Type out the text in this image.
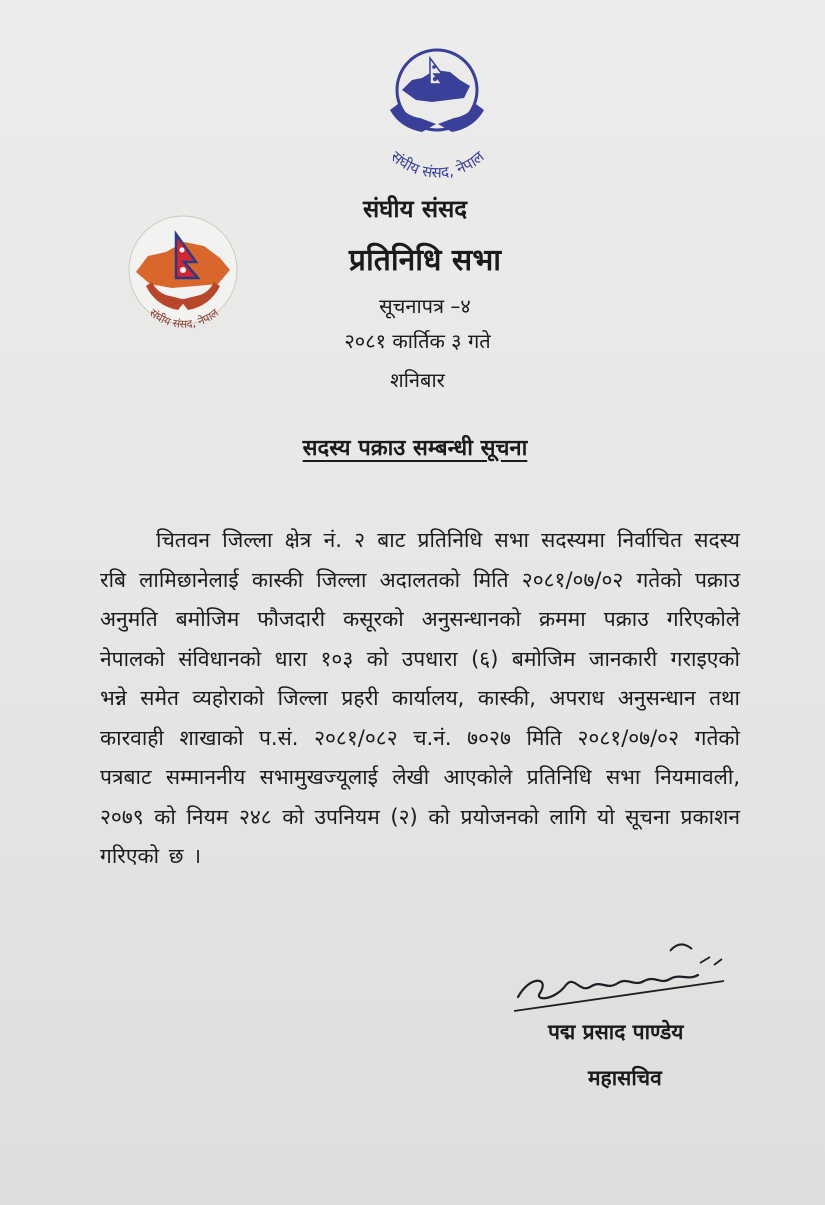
संघीय संसद, नेपाल
संघीय संसद, नेपाल
संघीय संसद
प्रतिनिधि सभा
सूचनापत्र –४
२०८१ कार्तिक ३ गते
शनिबार
सदस्य पक्राउ सम्बन्धी सूचना

चितवन जिल्ला क्षेत्र नं. २ बाट प्रतिनिधि सभा सदस्यमा निर्वाचित सदस्य रबि लामिछानेलाई कास्की जिल्ला अदालतको मिति २०८१/०७/०२ गतेको पक्राउ अनुमति बमोजिम फौजदारी कसूरको अनुसन्धानको क्रममा पक्राउ गरिएकोले नेपालको संविधानको धारा १०३ को उपधारा (६) बमोजिम जानकारी गराइएको भन्ने समेत व्यहोराको जिल्ला प्रहरी कार्यालय, कास्की, अपराध अनुसन्धान तथा कारवाही शाखाको प.सं. २०८१/०८२ च.नं. ७०२७ मिति २०८१/०७/०२ गतेको पत्रबाट सम्माननीय सभामुखज्यूलाई लेखी आएकोले प्रतिनिधि सभा नियमावली, २०७९ को नियम २४८ को उपनियम (२) को प्रयोजनको लागि यो सूचना प्रकाशन गरिएको छ ।

पद्म प्रसाद पाण्डेय
महासचिव
